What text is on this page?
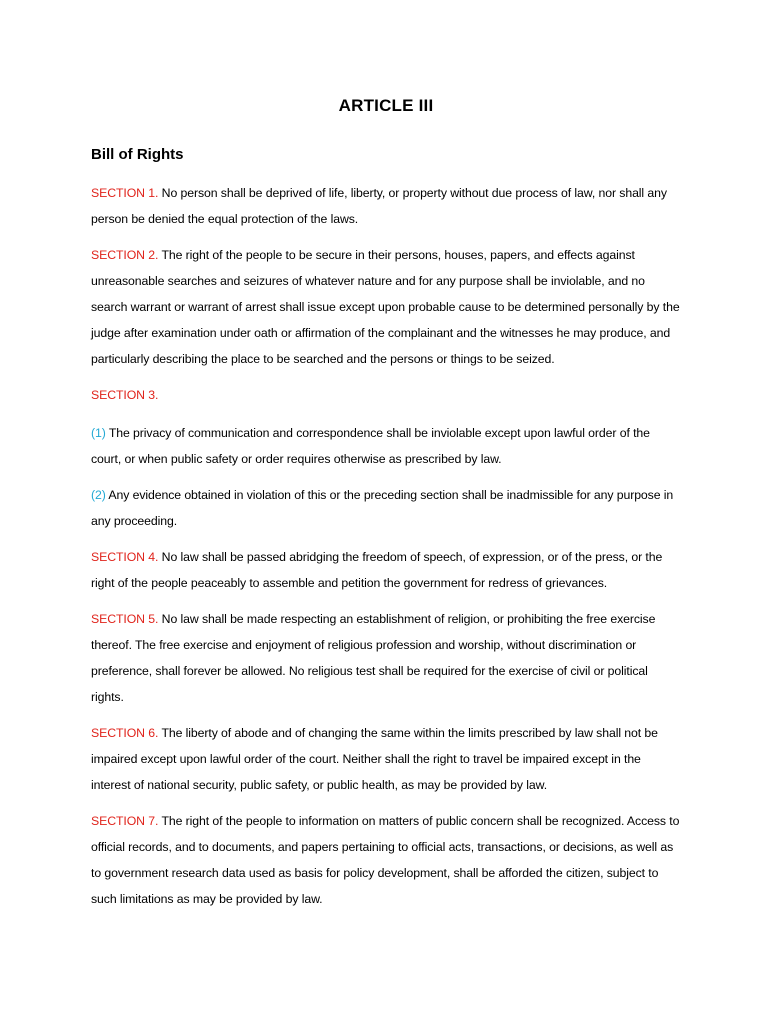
ARTICLE III
Bill of Rights
SECTION 1. No person shall be deprived of life, liberty, or property without due process of law, nor shall any person be denied the equal protection of the laws.
SECTION 2. The right of the people to be secure in their persons, houses, papers, and effects against unreasonable searches and seizures of whatever nature and for any purpose shall be inviolable, and no search warrant or warrant of arrest shall issue except upon probable cause to be determined personally by the judge after examination under oath or affirmation of the complainant and the witnesses he may produce, and particularly describing the place to be searched and the persons or things to be seized.
SECTION 3.
(1) The privacy of communication and correspondence shall be inviolable except upon lawful order of the court, or when public safety or order requires otherwise as prescribed by law.
(2) Any evidence obtained in violation of this or the preceding section shall be inadmissible for any purpose in any proceeding.
SECTION 4. No law shall be passed abridging the freedom of speech, of expression, or of the press, or the right of the people peaceably to assemble and petition the government for redress of grievances.
SECTION 5. No law shall be made respecting an establishment of religion, or prohibiting the free exercise thereof. The free exercise and enjoyment of religious profession and worship, without discrimination or preference, shall forever be allowed. No religious test shall be required for the exercise of civil or political rights.
SECTION 6. The liberty of abode and of changing the same within the limits prescribed by law shall not be impaired except upon lawful order of the court. Neither shall the right to travel be impaired except in the interest of national security, public safety, or public health, as may be provided by law.
SECTION 7. The right of the people to information on matters of public concern shall be recognized. Access to official records, and to documents, and papers pertaining to official acts, transactions, or decisions, as well as to government research data used as basis for policy development, shall be afforded the citizen, subject to such limitations as may be provided by law.
